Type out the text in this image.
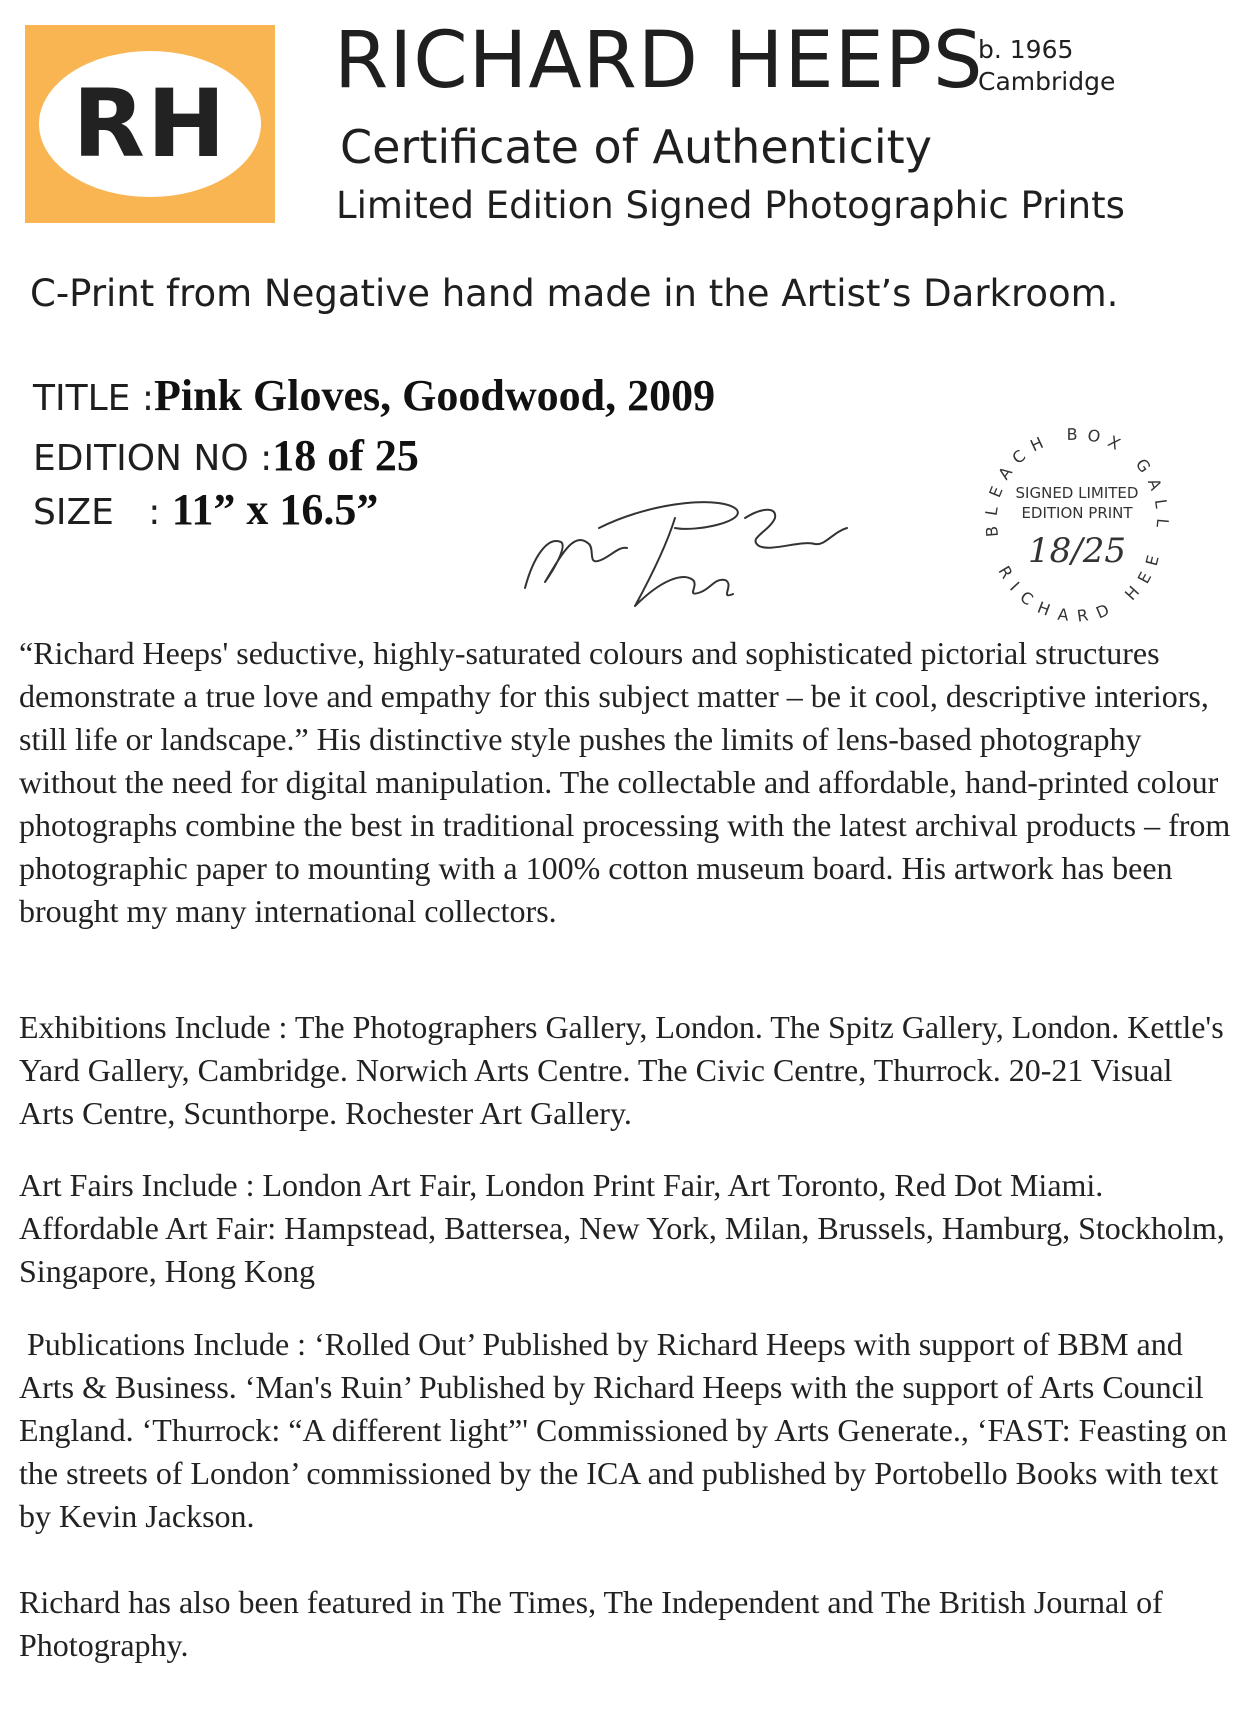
RH
RICHARD HEEPS
b. 1965
Cambridge
Certificate of Authenticity
Limited Edition Signed Photographic Prints
C-Print from Negative hand made in the Artist’s Darkroom.
TITLE : Pink Gloves, Goodwood, 2009
EDITION NO : 18 of 25
SIZE   : 11” x 16.5”	BLEACH BOX GALL
RICHARD HEE
SIGNED LIMITED
EDITION PRINT
18/25

“Richard Heeps' seductive, highly-saturated colours and sophisticated pictorial structures demonstrate a true love and empathy for this subject matter – be it cool, descriptive interiors, still life or landscape.” His distinctive style pushes the limits of lens-based photography without the need for digital manipulation. The collectable and affordable, hand-printed colour photographs combine the best in traditional processing with the latest archival products – from photographic paper to mounting with a 100% cotton museum board. His artwork has been brought my many international collectors.

Exhibitions Include : The Photographers Gallery, London. The Spitz Gallery, London. Kettle's Yard Gallery, Cambridge. Norwich Arts Centre. The Civic Centre, Thurrock. 20-21 Visual Arts Centre, Scunthorpe. Rochester Art Gallery.

Art Fairs Include : London Art Fair, London Print Fair, Art Toronto, Red Dot Miami. Affordable Art Fair: Hampstead, Battersea, New York, Milan, Brussels, Hamburg, Stockholm, Singapore, Hong Kong

Publications Include : ‘Rolled Out’ Published by Richard Heeps with support of BBM and Arts & Business. ‘Man's Ruin’ Published by Richard Heeps with the support of Arts Council England. ‘Thurrock: “A different light”' Commissioned by Arts Generate., ‘FAST: Feasting on the streets of London’ commissioned by the ICA and published by Portobello Books with text by Kevin Jackson.

Richard has also been featured in The Times, The Independent and The British Journal of Photography.
